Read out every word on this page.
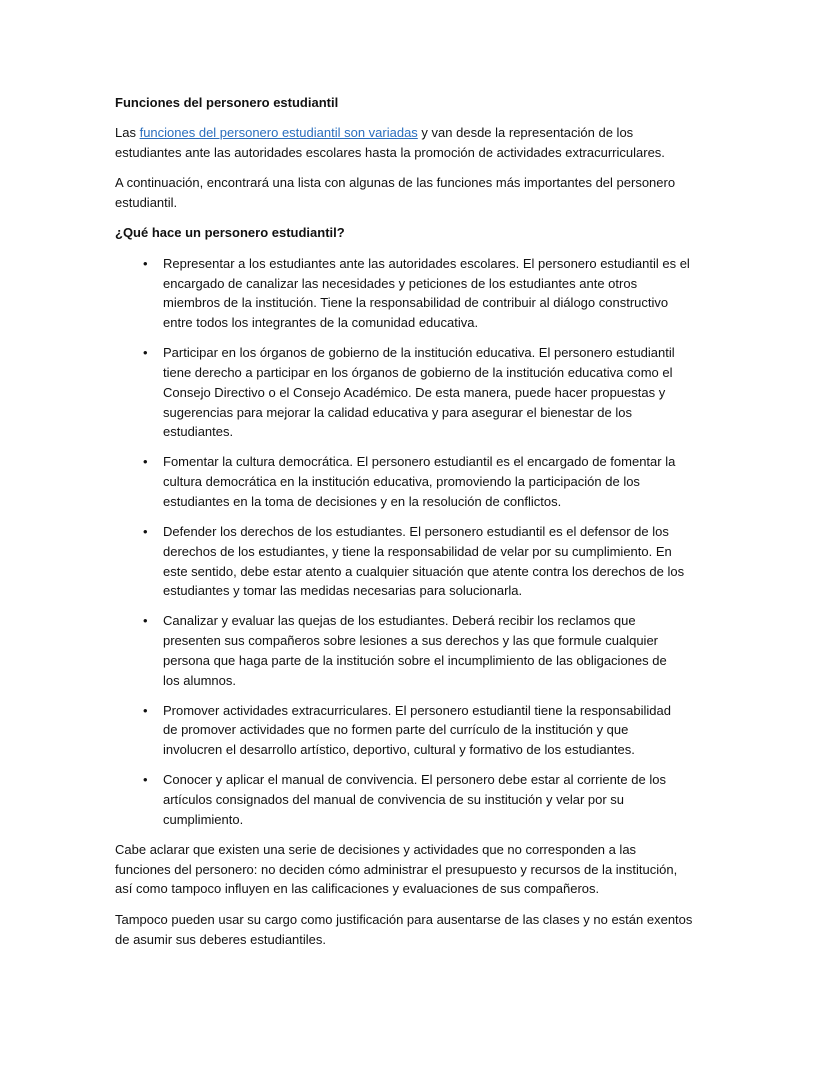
Funciones del personero estudiantil
Las funciones del personero estudiantil son variadas y van desde la representación de los
estudiantes ante las autoridades escolares hasta la promoción de actividades extracurriculares.
A continuación, encontrará una lista con algunas de las funciones más importantes del personero
estudiantil.
¿Qué hace un personero estudiantil?
• Representar a los estudiantes ante las autoridades escolares. El personero estudiantil es el
encargado de canalizar las necesidades y peticiones de los estudiantes ante otros
miembros de la institución. Tiene la responsabilidad de contribuir al diálogo constructivo
entre todos los integrantes de la comunidad educativa.
• Participar en los órganos de gobierno de la institución educativa. El personero estudiantil
tiene derecho a participar en los órganos de gobierno de la institución educativa como el
Consejo Directivo o el Consejo Académico. De esta manera, puede hacer propuestas y
sugerencias para mejorar la calidad educativa y para asegurar el bienestar de los
estudiantes.
• Fomentar la cultura democrática. El personero estudiantil es el encargado de fomentar la
cultura democrática en la institución educativa, promoviendo la participación de los
estudiantes en la toma de decisiones y en la resolución de conflictos.
• Defender los derechos de los estudiantes. El personero estudiantil es el defensor de los
derechos de los estudiantes, y tiene la responsabilidad de velar por su cumplimiento. En
este sentido, debe estar atento a cualquier situación que atente contra los derechos de los
estudiantes y tomar las medidas necesarias para solucionarla.
• Canalizar y evaluar las quejas de los estudiantes. Deberá recibir los reclamos que
presenten sus compañeros sobre lesiones a sus derechos y las que formule cualquier
persona que haga parte de la institución sobre el incumplimiento de las obligaciones de
los alumnos.
• Promover actividades extracurriculares. El personero estudiantil tiene la responsabilidad
de promover actividades que no formen parte del currículo de la institución y que
involucren el desarrollo artístico, deportivo, cultural y formativo de los estudiantes.
• Conocer y aplicar el manual de convivencia. El personero debe estar al corriente de los
artículos consignados del manual de convivencia de su institución y velar por su
cumplimiento.
Cabe aclarar que existen una serie de decisiones y actividades que no corresponden a las
funciones del personero: no deciden cómo administrar el presupuesto y recursos de la institución,
así como tampoco influyen en las calificaciones y evaluaciones de sus compañeros.
Tampoco pueden usar su cargo como justificación para ausentarse de las clases y no están exentos
de asumir sus deberes estudiantiles.
